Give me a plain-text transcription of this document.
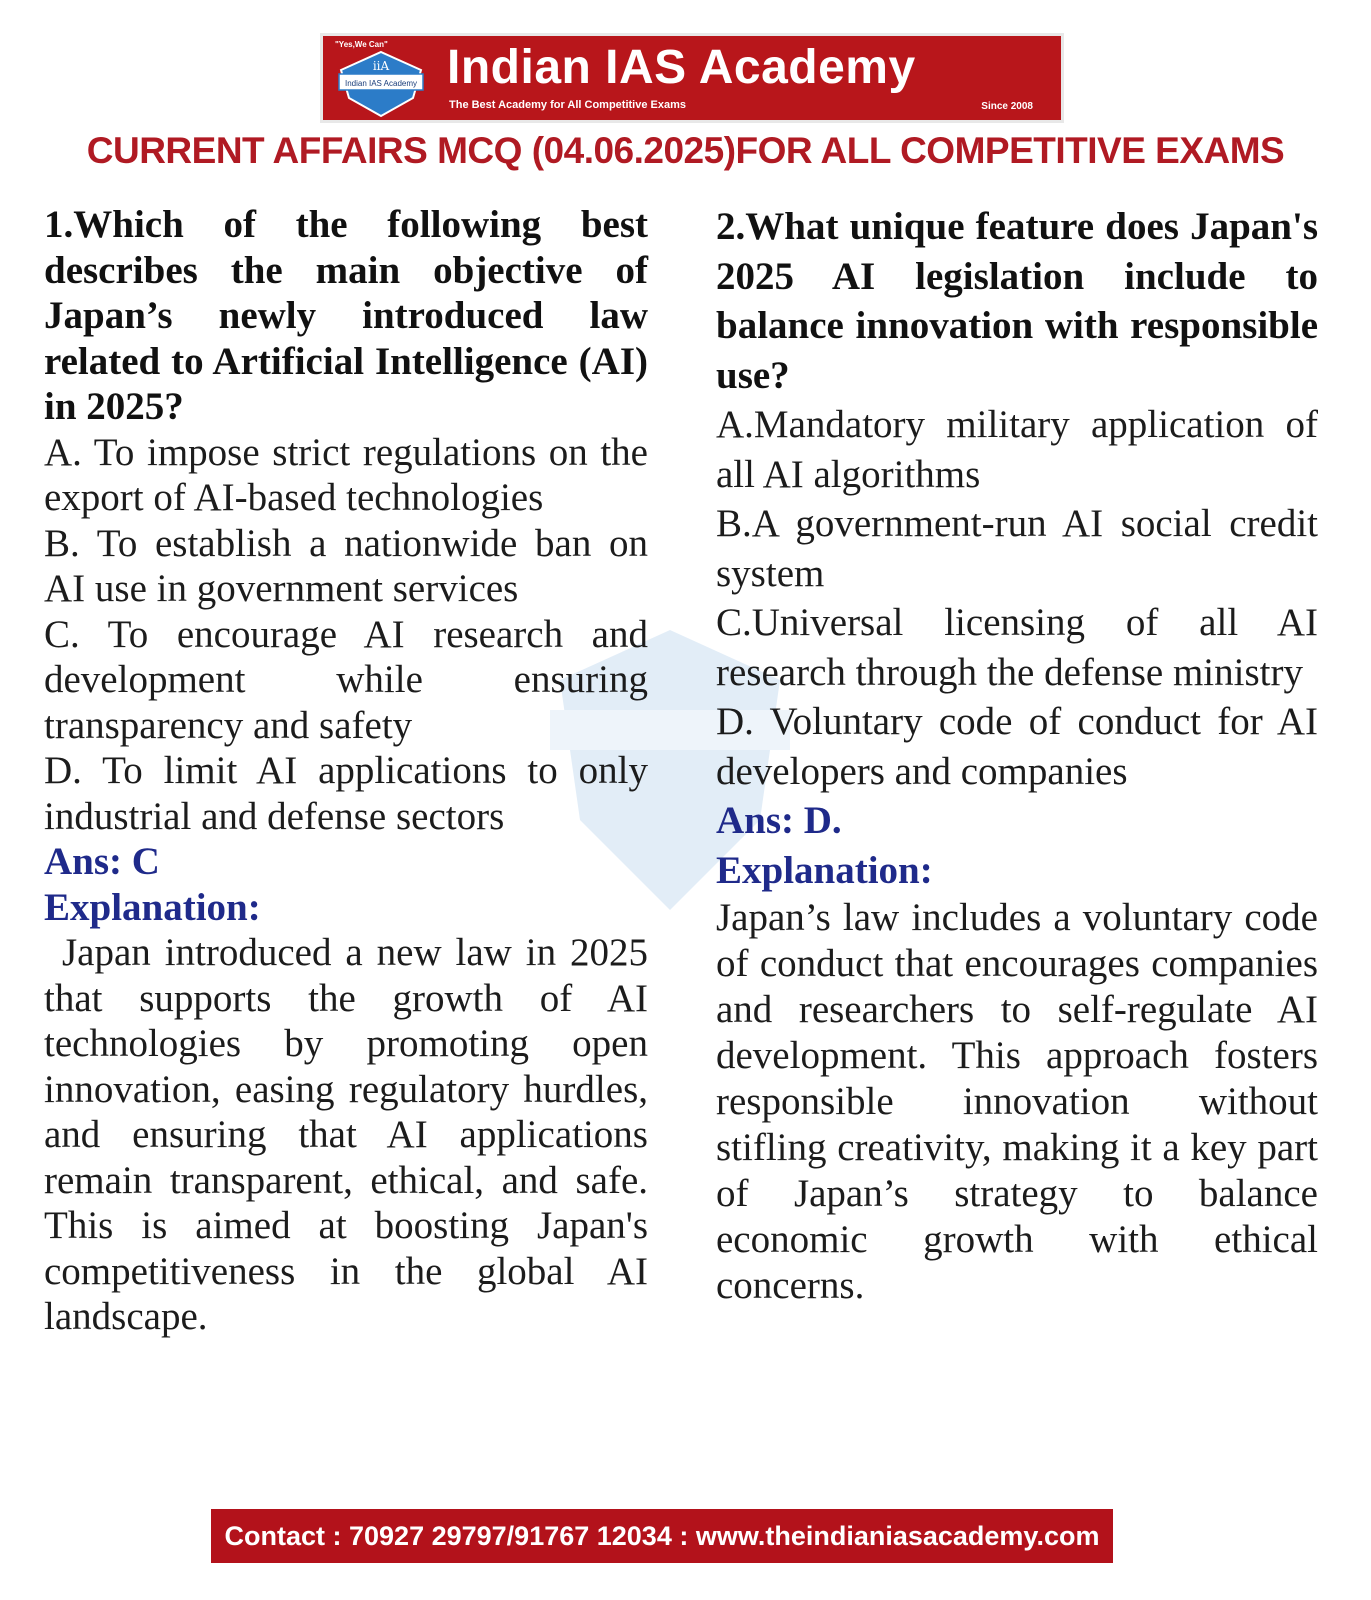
"Yes,We Can"
iiA
Indian IAS Academy Indian IAS Academy
The Best Academy for All Competitive Exams	Since 2008
CURRENT AFFAIRS MCQ (04.06.2025)FOR ALL COMPETITIVE EXAMS
1.Which of the following best describes the main objective of Japan’s newly introduced law related to Artificial Intelligence (AI) in 2025?
A. To impose strict regulations on the export of AI-based technologies
B. To establish a nationwide ban on AI use in government services
C. To encourage AI research and development while ensuring transparency and safety
D. To limit AI applications to only industrial and defense sectors
Ans: C
Explanation:
Japan introduced a new law in 2025 that supports the growth of AI technologies by promoting open innovation, easing regulatory hurdles, and ensuring that AI applications remain transparent, ethical, and safe. This is aimed at boosting Japan's competitiveness in the global AI landscape.
2.What unique feature does Japan's 2025 AI legislation include to balance innovation with responsible use?
A.Mandatory military application of all AI algorithms
B.A government-run AI social credit system
C.Universal licensing of all AI research through the defense ministry
D. Voluntary code of conduct for AI developers and companies
Ans: D.
Explanation:
Japan’s law includes a voluntary code of conduct that encourages companies and researchers to self-regulate AI development. This approach fosters responsible innovation without stifling creativity, making it a key part of Japan’s strategy to balance economic growth with ethical concerns.
Contact : 70927 29797/91767 12034 : www.theindianiasacademy.com
